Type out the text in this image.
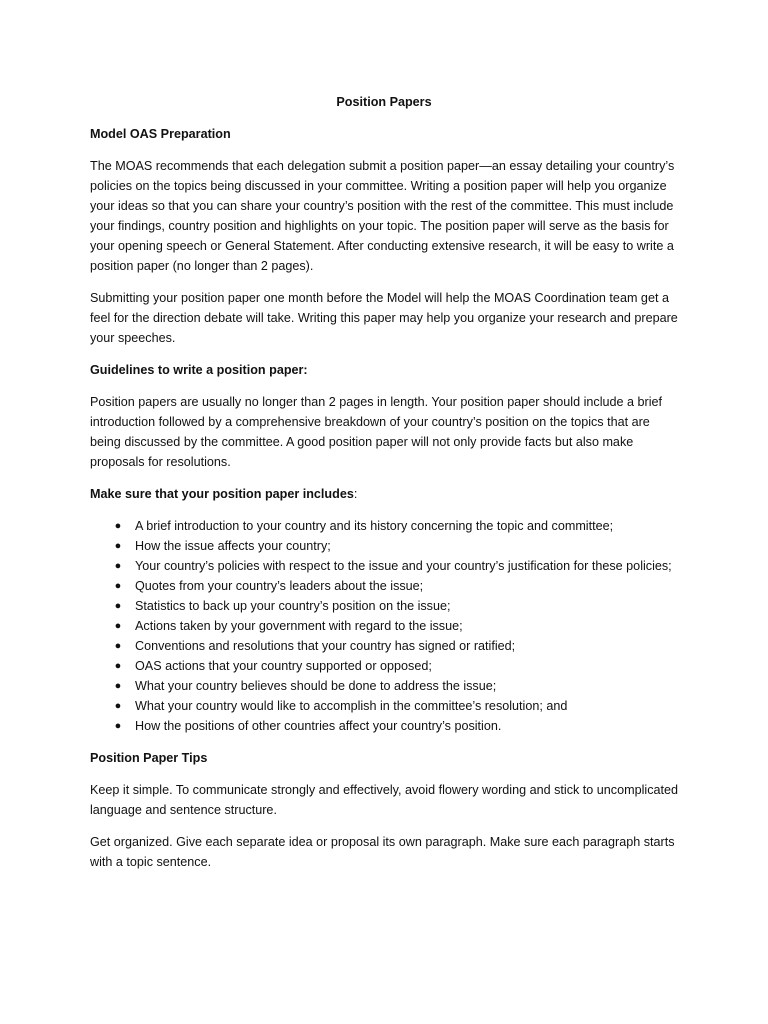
Position Papers
Model OAS Preparation

The MOAS recommends that each delegation submit a position paper—an essay detailing your country’s policies on the topics being discussed in your committee. Writing a position paper will help you organize your ideas so that you can share your country’s position with the rest of the committee. This must include your findings, country position and highlights on your topic. The position paper will serve as the basis for your opening speech or General Statement. After conducting extensive research, it will be easy to write a position paper (no longer than 2 pages).

Submitting your position paper one month before the Model will help the MOAS Coordination team get a feel for the direction debate will take. Writing this paper may help you organize your research and prepare your speeches.

Guidelines to write a position paper:

Position papers are usually no longer than 2 pages in length. Your position paper should include a brief introduction followed by a comprehensive breakdown of your country’s position on the topics that are being discussed by the committee. A good position paper will not only provide facts but also make proposals for resolutions.

Make sure that your position paper includes:
● A brief introduction to your country and its history concerning the topic and committee;
● How the issue affects your country;
● Your country’s policies with respect to the issue and your country’s justification for these policies;
● Quotes from your country’s leaders about the issue;
● Statistics to back up your country’s position on the issue;
● Actions taken by your government with regard to the issue;
● Conventions and resolutions that your country has signed or ratified;
● OAS actions that your country supported or opposed;
● What your country believes should be done to address the issue;
● What your country would like to accomplish in the committee’s resolution; and
● How the positions of other countries affect your country’s position.
Position Paper Tips

Keep it simple. To communicate strongly and effectively, avoid flowery wording and stick to uncomplicated language and sentence structure.

Get organized. Give each separate idea or proposal its own paragraph. Make sure each paragraph starts with a topic sentence.
